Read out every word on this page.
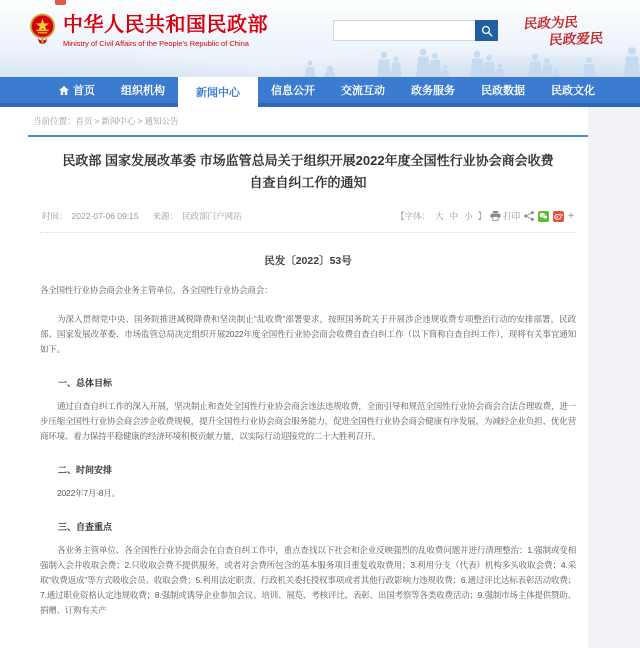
中华人民共和国民政部
Ministry of Civil Affairs of the People's Republic of China
民政为民
民政爱民
首页 组织机构	新闻中心	信息公开 交流互动 政务服务 民政数据 民政文化
当前位置：首页 > 新闻中心 > 通知公告
民政部 国家发展改革委 市场监管总局关于组织开展2022年度全国性行业协会商会收费自查自纠工作的通知
时间： 2022-07-06 09:15 来源： 民政部门户网站	【字体： 大 中 小 】 打印	+
民发〔2022〕53号

各全国性行业协会商会业务主管单位，各全国性行业协会商会：

为深入贯彻党中央、国务院推进减税降费和坚决制止“乱收费”部署要求，按照国务院关于开展涉企违规收费专项整治行动的安排部署，民政部、国家发展改革委、市场监管总局决定组织开展2022年度全国性行业协会商会收费自查自纠工作（以下简称自查自纠工作），现将有关事宜通知如下。

一、总体目标

通过自查自纠工作的深入开展，坚决制止和查处全国性行业协会商会违法违规收费，全面引导和规范全国性行业协会商会合法合理收费，进一步压缩全国性行业协会商会涉企收费规模，提升全国性行业协会商会服务能力，促进全国性行业协会商会健康有序发展，为减轻企业负担、优化营商环境、着力保持平稳健康的经济环境积极贡献力量，以实际行动迎接党的二十大胜利召开。

二、时间安排

2022年7月-8月。

三、自查重点

各业务主管单位、各全国性行业协会商会在自查自纠工作中，重点查找以下社会和企业反映强烈的乱收费问题并进行清理整治：1.强制或变相强制入会并收取会费；2.只收取会费不提供服务，或者对会费所包含的基本服务项目重复收取费用；3.利用分支（代表）机构多头收取会费；4.采取“收费返成”等方式吸收会员、收取会费；5.利用法定职责、行政机关委托授权事项或者其他行政影响力违规收费；6.通过评比达标表彰活动收费；7.通过职业资格认定违规收费；8.强制或诱导企业参加会议、培训、展览、考核评比、表彰、出国考察等各类收费活动；9.强制市场主体提供赞助、捐赠、订购有关产
